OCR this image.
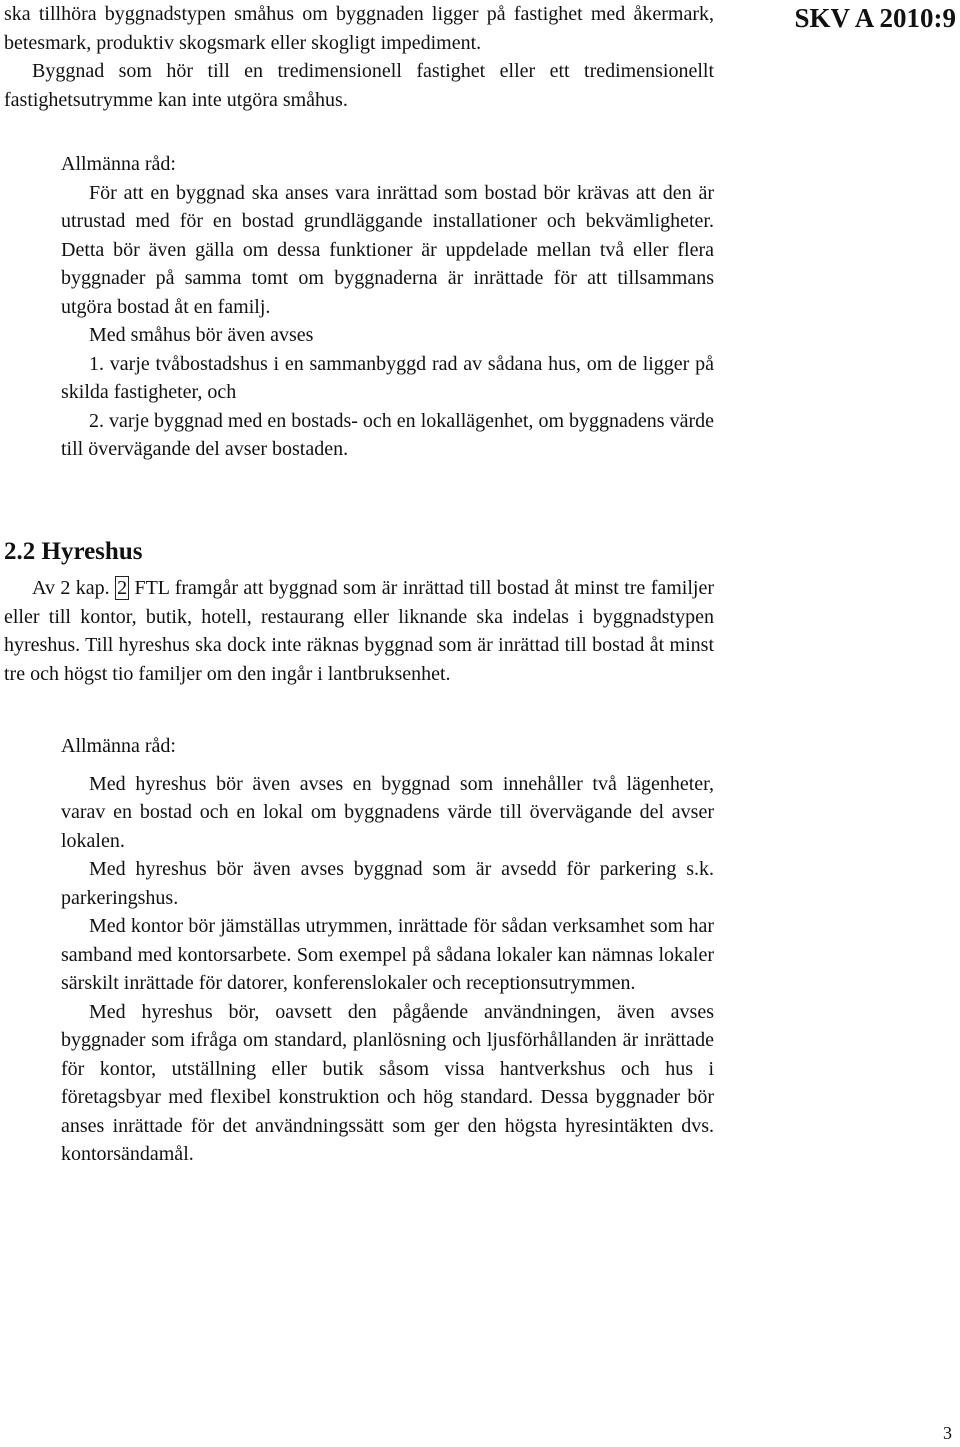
SKV A 2010:9

ska tillhöra byggnadstypen småhus om byggnaden ligger på fastighet med åkermark, betesmark, produktiv skogsmark eller skogligt impediment.

Byggnad som hör till en tredimensionell fastighet eller ett tredimensionellt fastighetsutrymme kan inte utgöra småhus.

Allmänna råd:

För att en byggnad ska anses vara inrättad som bostad bör krävas att den är utrustad med för en bostad grundläggande installationer och bekvämligheter. Detta bör även gälla om dessa funktioner är uppdelade mellan två eller flera byggnader på samma tomt om byggnaderna är inrättade för att tillsammans utgöra bostad åt en familj.

Med småhus bör även avses

1. varje tvåbostadshus i en sammanbyggd rad av sådana hus, om de ligger på skilda fastigheter, och

2. varje byggnad med en bostads- och en lokallägenhet, om byggnadens värde till övervägande del avser bostaden.

2.2 Hyreshus

Av 2 kap. 2 FTL framgår att byggnad som är inrättad till bostad åt minst tre familjer eller till kontor, butik, hotell, restaurang eller liknande ska indelas i byggnadstypen hyreshus. Till hyreshus ska dock inte räknas byggnad som är inrättad till bostad åt minst tre och högst tio familjer om den ingår i lantbruksenhet.

Allmänna råd:

Med hyreshus bör även avses en byggnad som innehåller två lägenheter, varav en bostad och en lokal om byggnadens värde till övervägande del avser lokalen.

Med hyreshus bör även avses byggnad som är avsedd för parkering s.k. parkeringshus.

Med kontor bör jämställas utrymmen, inrättade för sådan verksamhet som har samband med kontorsarbete. Som exempel på sådana lokaler kan nämnas lokaler särskilt inrättade för datorer, konferenslokaler och receptionsutrymmen.

Med hyreshus bör, oavsett den pågående användningen, även avses byggnader som ifråga om standard, planlösning och ljusförhållanden är inrättade för kontor, utställning eller butik såsom vissa hantverkshus och hus i företagsbyar med flexibel konstruktion och hög standard. Dessa byggnader bör anses inrättade för det användningssätt som ger den högsta hyresintäkten dvs. kontorsändamål.

3
